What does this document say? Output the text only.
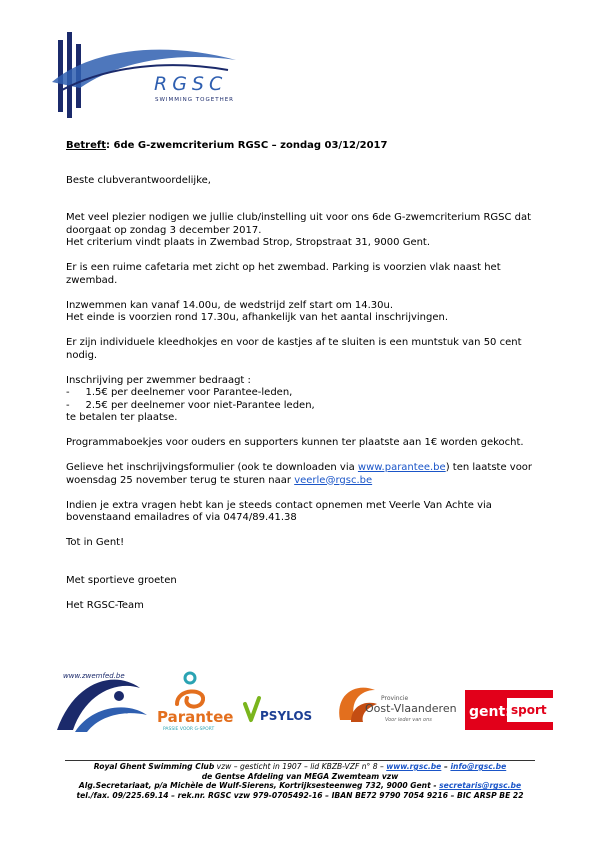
RGSC
SWIMMING TOGETHER

Betreft: 6de G-zwemcriterium RGSC – zondag 03/12/2017

Beste clubverantwoordelijke,

Met veel plezier nodigen we jullie club/instelling uit voor ons 6de G-zwemcriterium RGSC dat

doorgaat op zondag 3 december 2017.

Het criterium vindt plaats in Zwembad Strop, Stropstraat 31, 9000 Gent.

Er is een ruime cafetaria met zicht op het zwembad. Parking is voorzien vlak naast het

zwembad.

Inzwemmen kan vanaf 14.00u, de wedstrijd zelf start om 14.30u.

Het einde is voorzien rond 17.30u, afhankelijk van het aantal inschrijvingen.

Er zijn individuele kleedhokjes en voor de kastjes af te sluiten is een muntstuk van 50 cent

nodig.

Inschrijving per zwemmer bedraagt :

-     1.5€ per deelnemer voor Parantee-leden,

-     2.5€ per deelnemer voor niet-Parantee leden,

te betalen ter plaatse.

Programmaboekjes voor ouders en supporters kunnen ter plaatste aan 1€ worden gekocht.

Gelieve het inschrijvingsformulier (ook te downloaden via www.parantee.be) ten laatste voor

woensdag 25 november terug te sturen naar veerle@rgsc.be

Indien je extra vragen hebt kan je steeds contact opnemen met Veerle Van Achte via

bovenstaand emailadres of via 0474/89.41.38

Tot in Gent!

Met sportieve groeten

Het RGSC-Team

www.zwemfed.be
Parantee
PASSIE VOOR G-SPORT
PSYLOS
Provincie
Oost-Vlaanderen
Voor ieder van ons	gent: sport
Royal Ghent Swimming Club vzw – gesticht in 1907 – lid KBZB-VZF n° 8 – www.rgsc.be – info@rgsc.be
de Gentse Afdeling van MEGA Zwemteam vzw
Alg.Secretariaat, p/a Michèle de Wulf-Sierens, Kortrijksesteenweg 732, 9000 Gent - secretaris@rgsc.be
tel./fax. 09/225.69.14 – rek.nr. RGSC vzw 979-0705492-16 – IBAN BE72 9790 7054 9216 – BIC ARSP BE 22
